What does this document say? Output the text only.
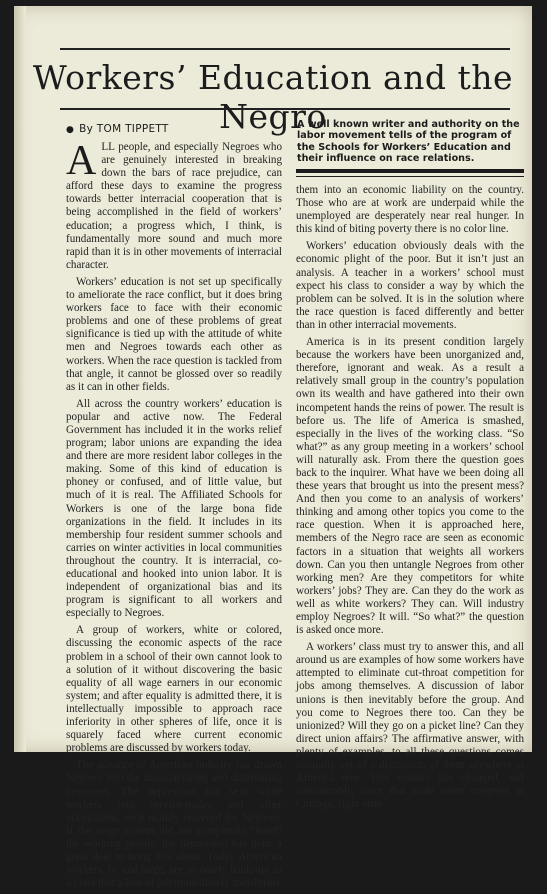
Workers’ Education and the Negro
● By TOM TIPPETT	A well known writer and authority on the labor movement tells of the program of the Schools for Workers’ Education and their influence on race relations.

ALL people, and especially Negroes who are genuinely interested in breaking down the bars of race prejudice, can afford these days to examine the progress towards better interracial cooperation that is being accomplished in the field of workers’ education; a progress which, I think, is fundamentally more sound and much more rapid than it is in other movements of interracial character.

Workers’ education is not set up specifically to ameliorate the race conflict, but it does bring workers face to face with their economic problems and one of these problems of great significance is tied up with the attitude of white men and Negroes towards each other as workers. When the race question is tackled from that angle, it cannot be glossed over so readily as it can in other fields.

All across the country workers’ education is popular and active now. The Federal Government has included it in the works relief program; labor unions are expanding the idea and there are more resident labor colleges in the making. Some of this kind of education is phoney or confused, and of little value, but much of it is real. The Affiliated Schools for Workers is one of the large bona fide organizations in the field. It includes in its membership four resident summer schools and carries on winter activities in local communities throughout the country. It is interracial, co-educational and hooked into union labor. It is independent of organizational bias and its program is significant to all workers and especially to Negroes.

A group of workers, white or colored, discussing the economic aspects of the race problem in a school of their own cannot look to a solution of it without discovering the basic equality of all wage earners in our economic system; and after equality is admitted there, it is intellectually impossible to approach race inferiority in other spheres of life, once it is squarely faced where current economic problems are discussed by workers today.

The advance of American industry has drawn Negroes into the manufacturing and distributing processes. The depression has sent white workers into service-trades and other occupations once mainly reserved for Negroes. If the wage system did not completely “level” the working people, the depression has done a great deal to bring this about. Today American workers, by and large, are so nearly bankrupt as a class that a loss of job immediately transforms

them into an economic liability on the country. Those who are at work are underpaid while the unemployed are desperately near real hunger. In this kind of biting poverty there is no color line.

Workers’ education obviously deals with the economic plight of the poor. But it isn’t just an analysis. A teacher in a workers’ school must expect his class to consider a way by which the problem can be solved. It is in the solution where the race question is faced differently and better than in other interracial movements.

America is in its present condition largely because the workers have been unorganized and, therefore, ignorant and weak. As a result a relatively small group in the country’s population own its wealth and have gathered into their own incompetent hands the reins of power. The result is before us. The life of America is smashed, especially in the lives of the working class. “So what?” as any group meeting in a workers’ school will naturally ask. From there the question goes back to the inquirer. What have we been doing all these years that brought us into the present mess? And then you come to an analysis of workers’ thinking and among other topics you come to the race question. When it is approached here, members of the Negro race are seen as economic factors in a situation that weights all workers down. Can you then untangle Negroes from other working men? Are they competitors for white workers’ jobs? They are. Can they do the work as well as white workers? They can. Will industry employ Negroes? It will. “So what?” the question is asked once more.

A workers’ class must try to answer this, and all around us are examples of how some workers have attempted to eliminate cut-throat competition for jobs among themselves. A discussion of labor unions is then inevitably before the group. And you come to Negroes there too. Can they be unionized? Will they go on a picket line? Can they direct union affairs? The affirmative answer, with plenty of examples, to all these questions comes naturally out of a discussion of them anywhere in America now. This country has changed, and considerably, since that trade union congress in Chicago, right after
